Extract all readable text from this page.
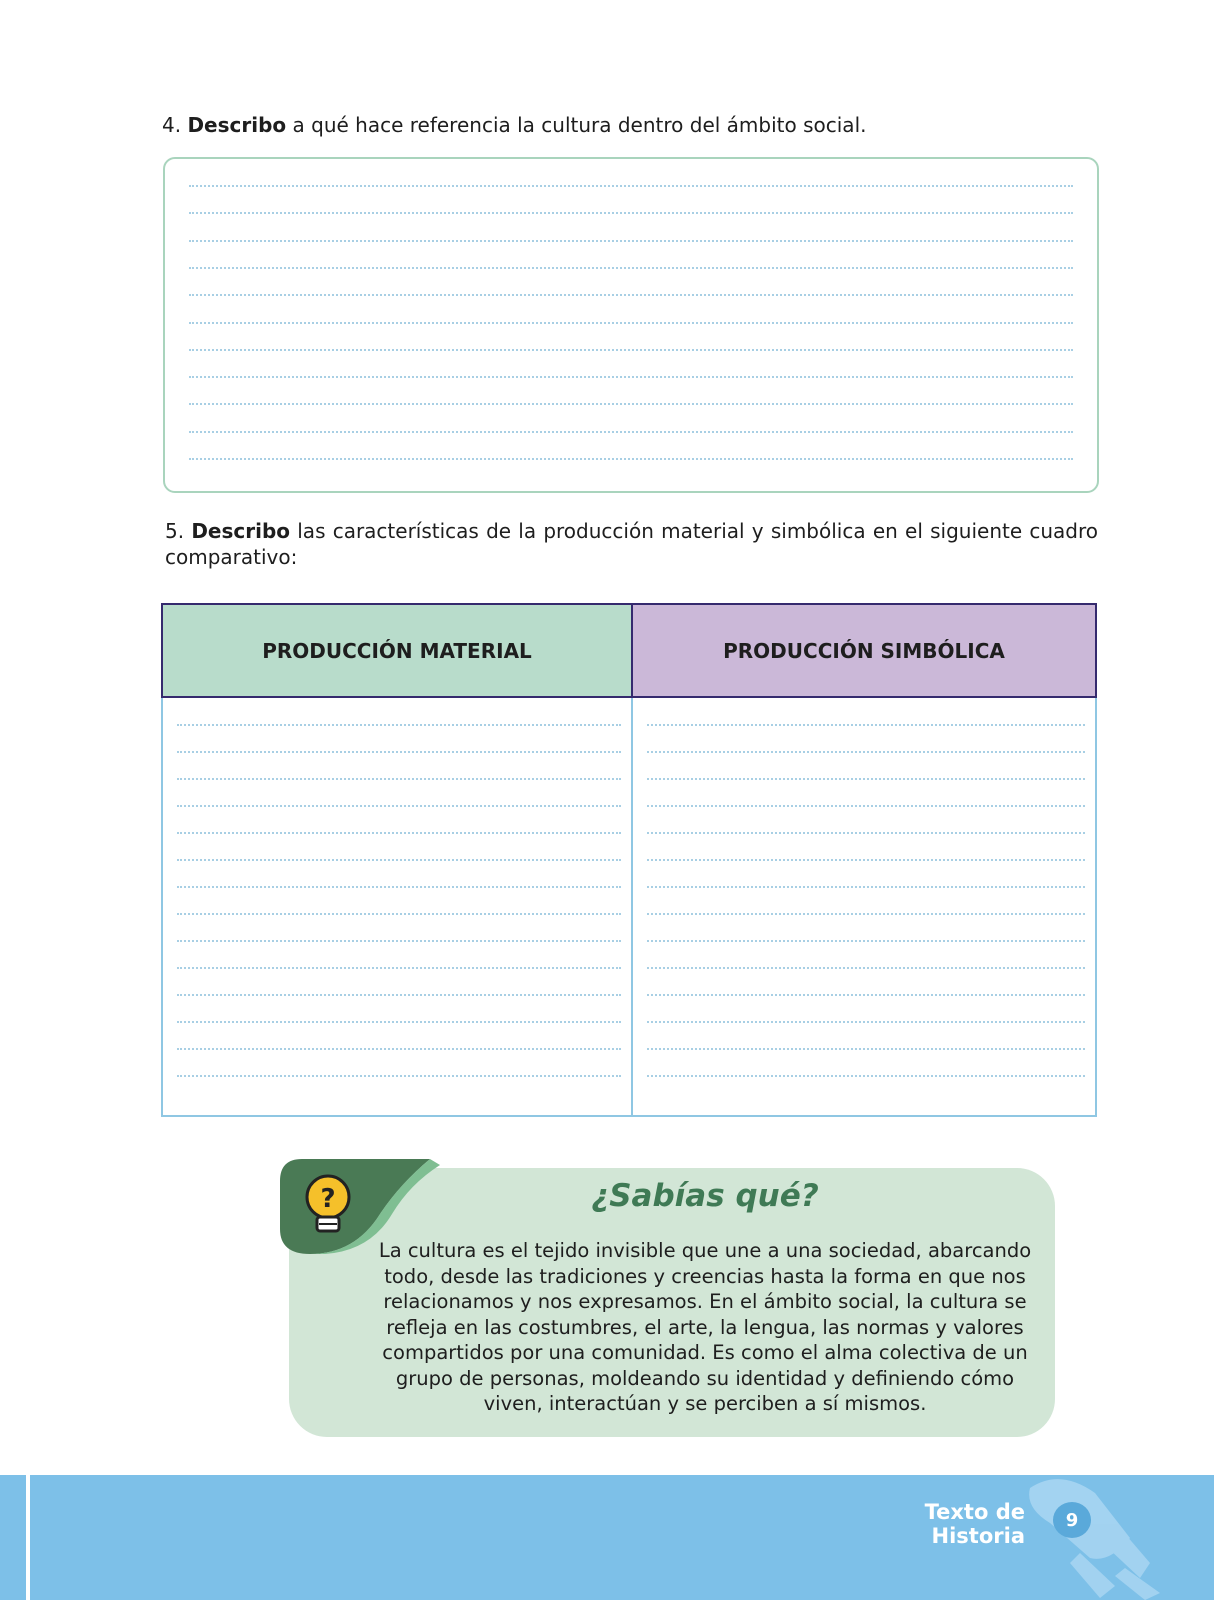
4. Describo a qué hace referencia la cultura dentro del ámbito social.
5. Describo las características de la producción material y simbólica en el siguiente cuadro comparativo:
PRODUCCIÓN MATERIAL	PRODUCCIÓN SIMBÓLICA
?	¿Sabías qué?
La cultura es el tejido invisible que une a una sociedad, abarcando todo, desde las tradiciones y creencias hasta la forma en que nos relacionamos y nos expresamos. En el ámbito social, la cultura se refleja en las costumbres, el arte, la lengua, las normas y valores compartidos por una comunidad. Es como el alma colectiva de un grupo de personas, moldeando su identidad y definiendo cómo viven, interactúan y se perciben a sí mismos.
Texto de Historia
9
